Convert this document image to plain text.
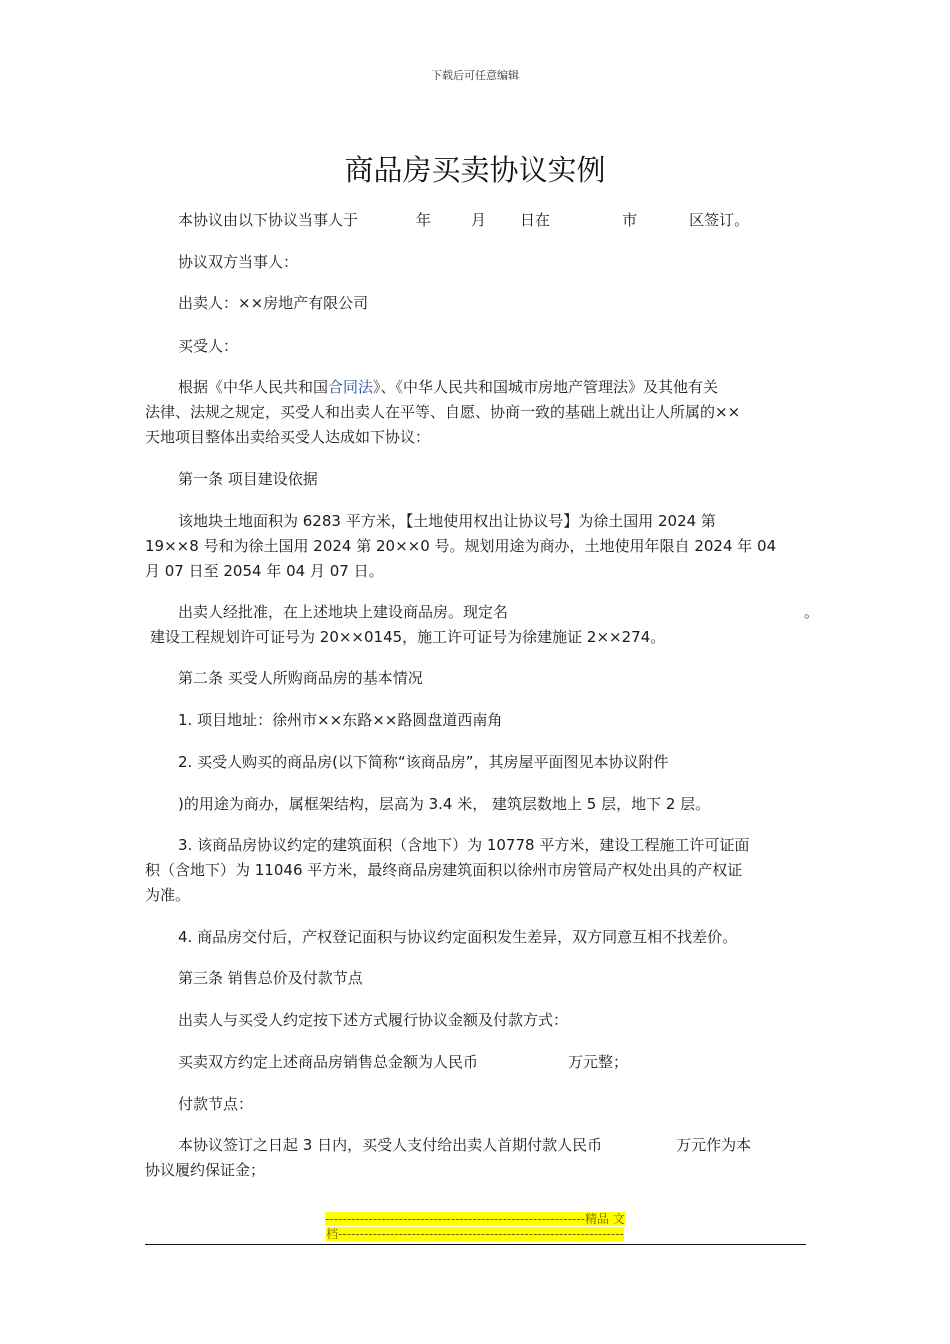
下载后可任意编辑
商品房买卖协议实例
本协议由以下协议当事人于	年	月 日在	市	区签订。
协议双方当事人：
出卖人：××房地产有限公司
买受人：
根据《中华人民共和国合同法》、《中华人民共和国城市房地产管理法》及其他有关
法律、法规之规定，买受人和出卖人在平等、自愿、协商一致的基础上就出让人所属的××
天地项目整体出卖给买受人达成如下协议：
第一条 项目建设依据
该地块土地面积为 6283 平方米，【土地使用权出让协议号】为徐土国用 2024 第
19××8 号和为徐土国用 2024 第 20××0 号。规划用途为商办，土地使用年限自 2024 年 04
月 07 日至 2054 年 04 月 07 日。
出卖人经批准，在上述地块上建设商品房。现定名	。
建设工程规划许可证号为 20××0145，施工许可证号为徐建施证 2××274。
第二条 买受人所购商品房的基本情况
1. 项目地址：徐州市××东路××路圆盘道西南角
2. 买受人购买的商品房(以下简称“该商品房”，其房屋平面图见本协议附件
)的用途为商办，属框架结构，层高为 3.4 米， 建筑层数地上 5 层，地下 2 层。
3. 该商品房协议约定的建筑面积（含地下）为 10778 平方米，建设工程施工许可证面
积（含地下）为 11046 平方米，最终商品房建筑面积以徐州市房管局产权处出具的产权证
为准。
4. 商品房交付后，产权登记面积与协议约定面积发生差异，双方同意互相不找差价。
第三条 销售总价及付款节点
出卖人与买受人约定按下述方式履行协议金额及付款方式：
买卖双方约定上述商品房销售总金额为人民币	万元整；
付款节点：
本协议签订之日起 3 日内，买受人支付给出卖人首期付款人民币	万元作为本
协议履约保证金；
------------------------------------------------------------精品 文
档------------------------------------------------------------------
